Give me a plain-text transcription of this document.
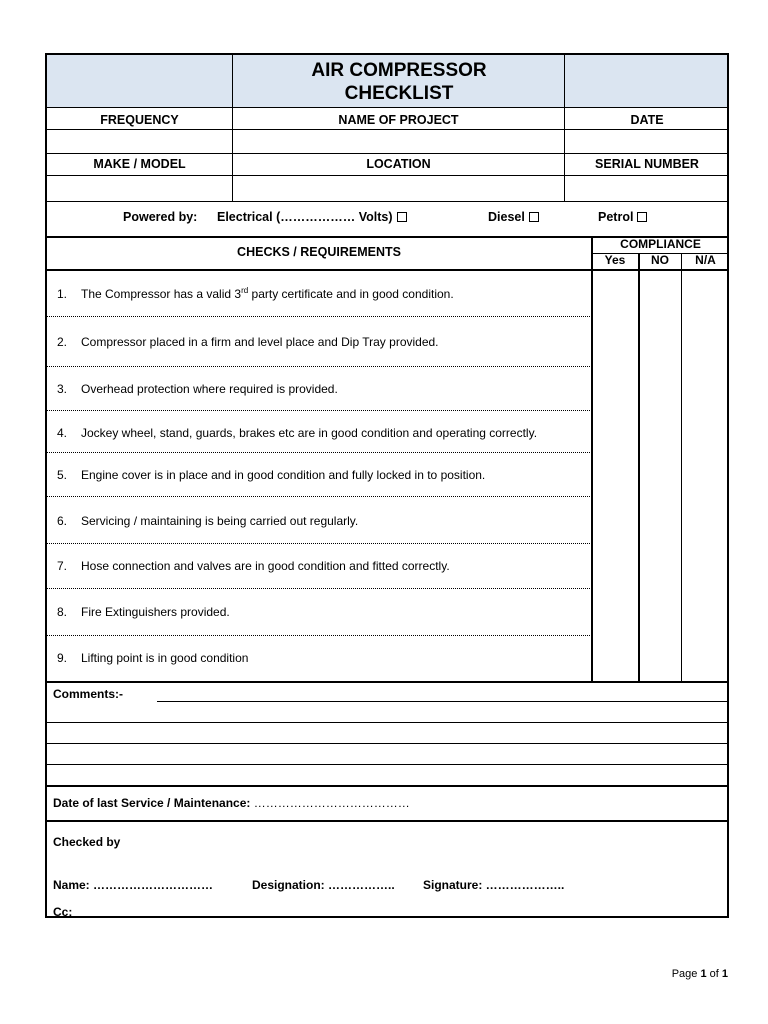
AIR COMPRESSOR
CHECKLIST
FREQUENCY	NAME OF PROJECT	DATE
MAKE / MODEL	LOCATION	SERIAL NUMBER
Powered by: Electrical (……………… Volts)	Diesel	Petrol
CHECKS / REQUIREMENTS
COMPLIANCE
Yes	NO	N/A
1. The Compressor has a valid 3rd party certificate and in good condition.
2. Compressor placed in a firm and level place and Dip Tray provided.
3. Overhead protection where required is provided.
4. Jockey wheel, stand, guards, brakes etc are in good condition and operating correctly.
5. Engine cover is in place and in good condition and fully locked in to position.
6. Servicing / maintaining is being carried out regularly.
7. Hose connection and valves are in good condition and fitted correctly.
8. Fire Extinguishers provided.
9. Lifting point is in good condition
Comments:-
Date of last Service / Maintenance: …………………………………
Checked by
Name: …………………………	Designation: …………….. Signature: ………………..
Cc:
Page 1 of 1
